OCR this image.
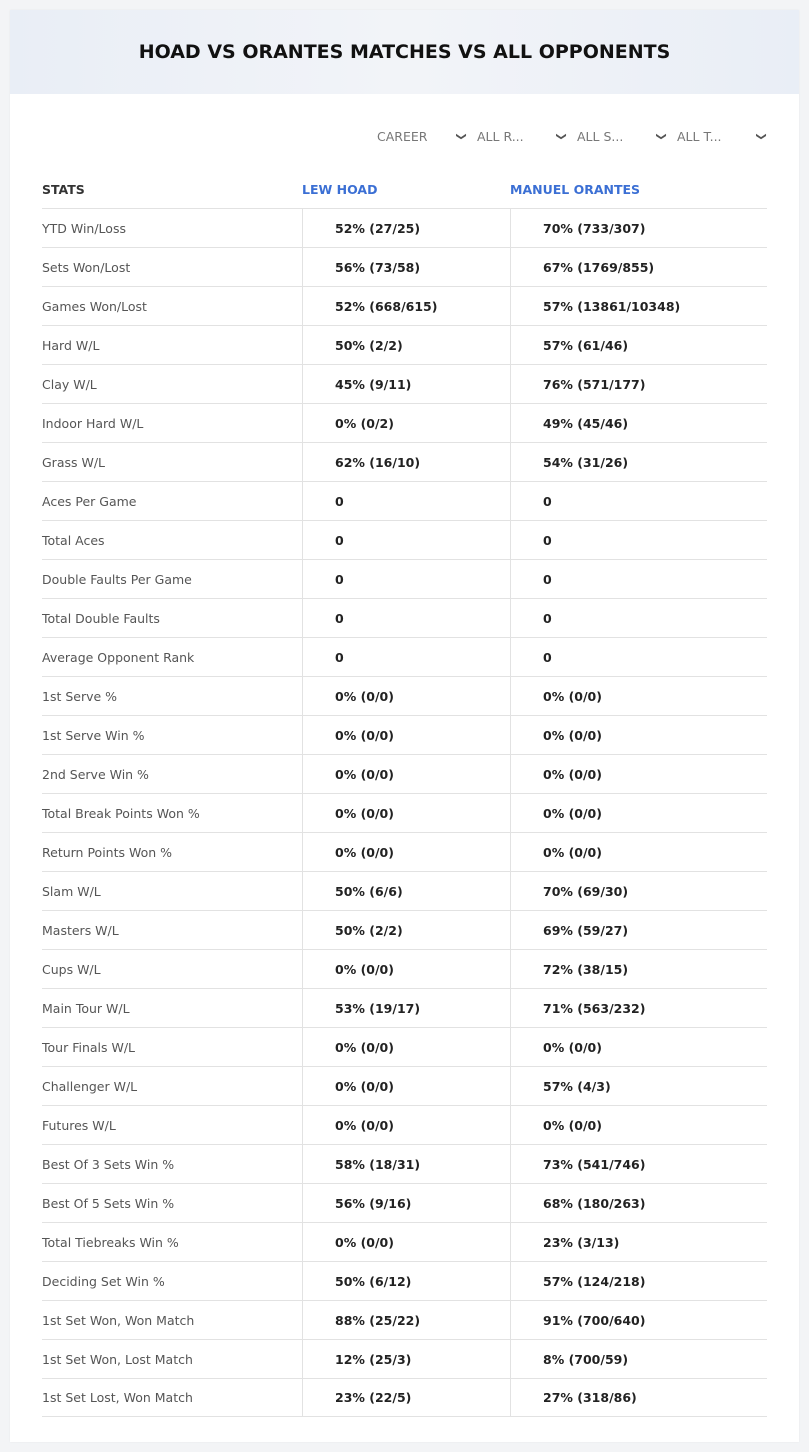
HOAD VS ORANTES MATCHES VS ALL OPPONENTS
CAREER	❯ ALL R...	❯ ALL S...	❯ ALL T...	❯
STATS	LEW HOAD	MANUEL ORANTES
YTD Win/Loss	52% (27/25)	70% (733/307)
Sets Won/Lost	56% (73/58)	67% (1769/855)
Games Won/Lost	52% (668/615)	57% (13861/10348)
Hard W/L	50% (2/2)	57% (61/46)
Clay W/L	45% (9/11)	76% (571/177)
Indoor Hard W/L	0% (0/2)	49% (45/46)
Grass W/L	62% (16/10)	54% (31/26)
Aces Per Game	0	0
Total Aces	0	0
Double Faults Per Game	0	0
Total Double Faults	0	0
Average Opponent Rank	0	0
1st Serve %	0% (0/0)	0% (0/0)
1st Serve Win %	0% (0/0)	0% (0/0)
2nd Serve Win %	0% (0/0)	0% (0/0)
Total Break Points Won %	0% (0/0)	0% (0/0)
Return Points Won %	0% (0/0)	0% (0/0)
Slam W/L	50% (6/6)	70% (69/30)
Masters W/L	50% (2/2)	69% (59/27)
Cups W/L	0% (0/0)	72% (38/15)
Main Tour W/L	53% (19/17)	71% (563/232)
Tour Finals W/L	0% (0/0)	0% (0/0)
Challenger W/L	0% (0/0)	57% (4/3)
Futures W/L	0% (0/0)	0% (0/0)
Best Of 3 Sets Win %	58% (18/31)	73% (541/746)
Best Of 5 Sets Win %	56% (9/16)	68% (180/263)
Total Tiebreaks Win %	0% (0/0)	23% (3/13)
Deciding Set Win %	50% (6/12)	57% (124/218)
1st Set Won, Won Match	88% (25/22)	91% (700/640)
1st Set Won, Lost Match	12% (25/3)	8% (700/59)
1st Set Lost, Won Match	23% (22/5)	27% (318/86)
